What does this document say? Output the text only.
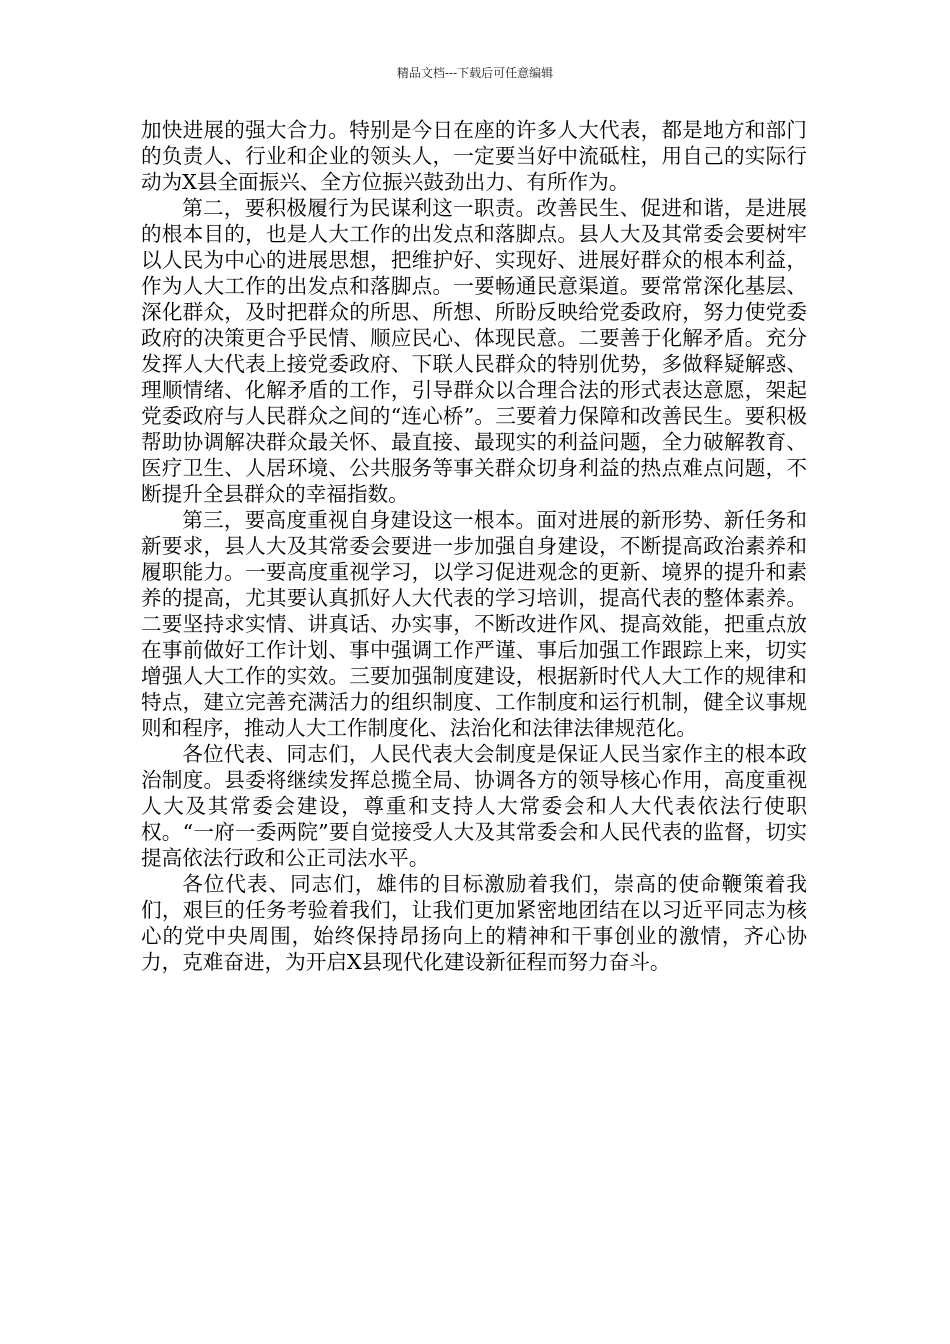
精品文档---下载后可任意编辑

加快进展的强大合力。特别是今日在座的许多人大代表，都是地方和部门的负责人、行业和企业的领头人，一定要当好中流砥柱，用自己的实际行动为X县全面振兴、全方位振兴鼓劲出力、有所作为。

第二，要积极履行为民谋利这一职责。改善民生、促进和谐，是进展的根本目的，也是人大工作的出发点和落脚点。县人大及其常委会要树牢以人民为中心的进展思想，把维护好、实现好、进展好群众的根本利益，作为人大工作的出发点和落脚点。一要畅通民意渠道。要常常深化基层、深化群众，及时把群众的所思、所想、所盼反映给党委政府，努力使党委政府的决策更合乎民情、顺应民心、体现民意。二要善于化解矛盾。充分发挥人大代表上接党委政府、下联人民群众的特别优势，多做释疑解惑、理顺情绪、化解矛盾的工作，引导群众以合理合法的形式表达意愿，架起党委政府与人民群众之间的“连心桥”。三要着力保障和改善民生。要积极帮助协调解决群众最关怀、最直接、最现实的利益问题，全力破解教育、医疗卫生、人居环境、公共服务等事关群众切身利益的热点难点问题，不断提升全县群众的幸福指数。

第三，要高度重视自身建设这一根本。面对进展的新形势、新任务和新要求，县人大及其常委会要进一步加强自身建设，不断提高政治素养和履职能力。一要高度重视学习，以学习促进观念的更新、境界的提升和素养的提高，尤其要认真抓好人大代表的学习培训，提高代表的整体素养。二要坚持求实情、讲真话、办实事，不断改进作风、提高效能，把重点放在事前做好工作计划、事中强调工作严谨、事后加强工作跟踪上来，切实增强人大工作的实效。三要加强制度建设，根据新时代人大工作的规律和特点，建立完善充满活力的组织制度、工作制度和运行机制，健全议事规则和程序，推动人大工作制度化、法治化和法律法律规范化。

各位代表、同志们，人民代表大会制度是保证人民当家作主的根本政治制度。县委将继续发挥总揽全局、协调各方的领导核心作用，高度重视人大及其常委会建设，尊重和支持人大常委会和人大代表依法行使职权。“一府一委两院”要自觉接受人大及其常委会和人民代表的监督，切实提高依法行政和公正司法水平。

各位代表、同志们，雄伟的目标激励着我们，崇高的使命鞭策着我们，艰巨的任务考验着我们，让我们更加紧密地团结在以习近平同志为核心的党中央周围，始终保持昂扬向上的精神和干事创业的激情，齐心协力，克难奋进，为开启X县现代化建设新征程而努力奋斗。
